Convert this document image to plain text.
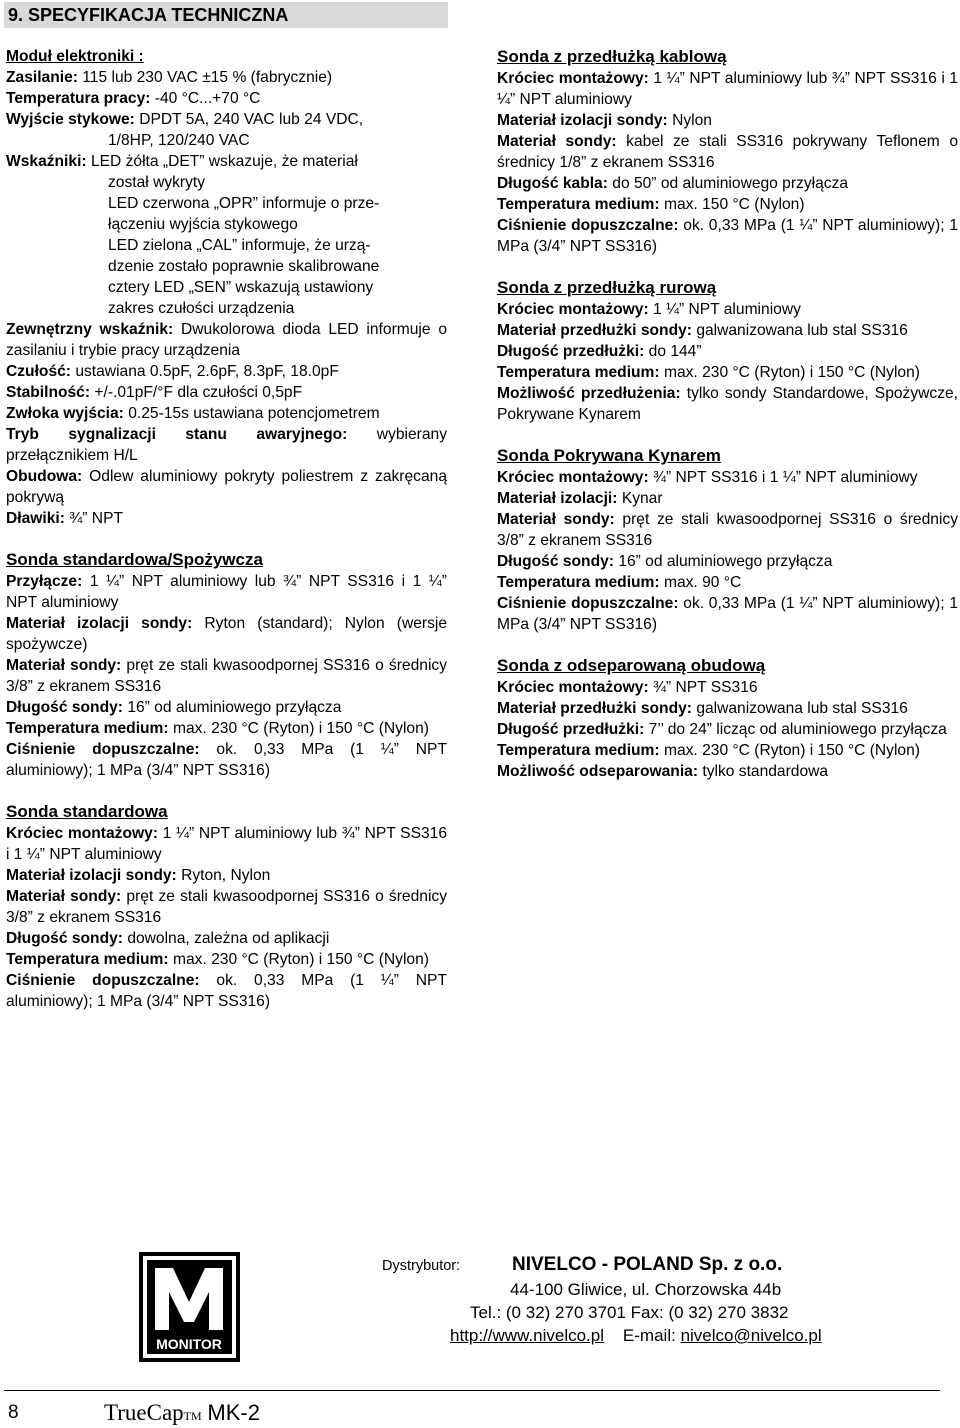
9. SPECYFIKACJA TECHNICZNA

Moduł elektroniki :

Zasilanie: 115 lub 230 VAC ±15 % (fabrycznie)

Temperatura pracy: -40 °C...+70 °C

Wyjście stykowe: DPDT 5A, 240 VAC lub 24 VDC,

1/8HP, 120/240 VAC

Wskaźniki: LED żółta „DET” wskazuje, że materiał

został wykryty

LED czerwona „OPR” informuje o prze-

łączeniu wyjścia stykowego

LED zielona „CAL” informuje, że urzą-

dzenie zostało poprawnie skalibrowane

cztery LED „SEN” wskazują ustawiony

zakres czułości urządzenia

Zewnętrzny wskaźnik: Dwukolorowa dioda LED informuje o zasilaniu i trybie pracy urządzenia

Czułość: ustawiana 0.5pF, 2.6pF, 8.3pF, 18.0pF

Stabilność: +/-.01pF/°F dla czułości 0,5pF

Zwłoka wyjścia: 0.25-15s ustawiana potencjometrem

Tryb sygnalizacji stanu awaryjnego: wybierany przełącznikiem H/L

Obudowa: Odlew aluminiowy pokryty poliestrem z zakręcaną pokrywą

Dławiki: ¾” NPT

Sonda standardowa/Spożywcza

Przyłącze: 1 ¼” NPT aluminiowy lub ¾” NPT SS316 i 1 ¼” NPT aluminiowy

Materiał izolacji sondy: Ryton (standard); Nylon (wersje spożywcze)

Materiał sondy: pręt ze stali kwasoodpornej SS316 o średnicy 3/8” z ekranem SS316

Długość sondy: 16” od aluminiowego przyłącza

Temperatura medium: max. 230 °C (Ryton) i 150 °C (Nylon)

Ciśnienie dopuszczalne: ok. 0,33 MPa (1 ¼” NPT aluminiowy); 1 MPa (3/4” NPT SS316)

Sonda standardowa

Króciec montażowy: 1 ¼” NPT aluminiowy lub ¾” NPT SS316 i 1 ¼” NPT aluminiowy

Materiał izolacji sondy: Ryton, Nylon

Materiał sondy: pręt ze stali kwasoodpornej SS316 o średnicy 3/8” z ekranem SS316

Długość sondy: dowolna, zależna od aplikacji

Temperatura medium: max. 230 °C (Ryton) i 150 °C (Nylon)

Ciśnienie dopuszczalne: ok. 0,33 MPa (1 ¼” NPT aluminiowy); 1 MPa (3/4” NPT SS316)

Sonda z przedłużką kablową

Króciec montażowy: 1 ¼” NPT aluminiowy lub ¾” NPT SS316 i 1 ¼” NPT aluminiowy

Materiał izolacji sondy: Nylon

Materiał sondy: kabel ze stali SS316 pokrywany Teflonem o średnicy 1/8” z ekranem SS316

Długość kabla: do 50” od aluminiowego przyłącza

Temperatura medium: max. 150 °C (Nylon)

Ciśnienie dopuszczalne: ok. 0,33 MPa (1 ¼” NPT aluminiowy); 1 MPa (3/4” NPT SS316)

Sonda z przedłużką rurową

Króciec montażowy: 1 ¼” NPT aluminiowy

Materiał przedłużki sondy: galwanizowana lub stal SS316

Długość przedłużki: do 144”

Temperatura medium: max. 230 °C (Ryton) i 150 °C (Nylon)

Możliwość przedłużenia: tylko sondy Standardowe, Spożywcze, Pokrywane Kynarem

Sonda Pokrywana Kynarem

Króciec montażowy: ¾” NPT SS316 i 1 ¼” NPT aluminiowy

Materiał izolacji: Kynar

Materiał sondy: pręt ze stali kwasoodpornej SS316 o średnicy 3/8” z ekranem SS316

Długość sondy: 16” od aluminiowego przyłącza

Temperatura medium: max. 90 °C

Ciśnienie dopuszczalne: ok. 0,33 MPa (1 ¼” NPT aluminiowy); 1 MPa (3/4” NPT SS316)

Sonda z odseparowaną obudową

Króciec montażowy: ¾” NPT SS316

Materiał przedłużki sondy: galwanizowana lub stal SS316

Długość przedłużki: 7’’ do 24” licząc od aluminiowego przyłącza

Temperatura medium: max. 230 °C (Ryton) i 150 °C (Nylon)

Możliwość odseparowania: tylko standardowa

MONITOR
Dystrybutor:	NIVELCO - POLAND Sp. z o.o.
44-100 Gliwice, ul. Chorzowska 44b
Tel.: (0 32) 270 3701 Fax: (0 32) 270 3832
http://www.nivelco.pl E-mail: nivelco@nivelco.pl
8	TrueCapTM MK-2
